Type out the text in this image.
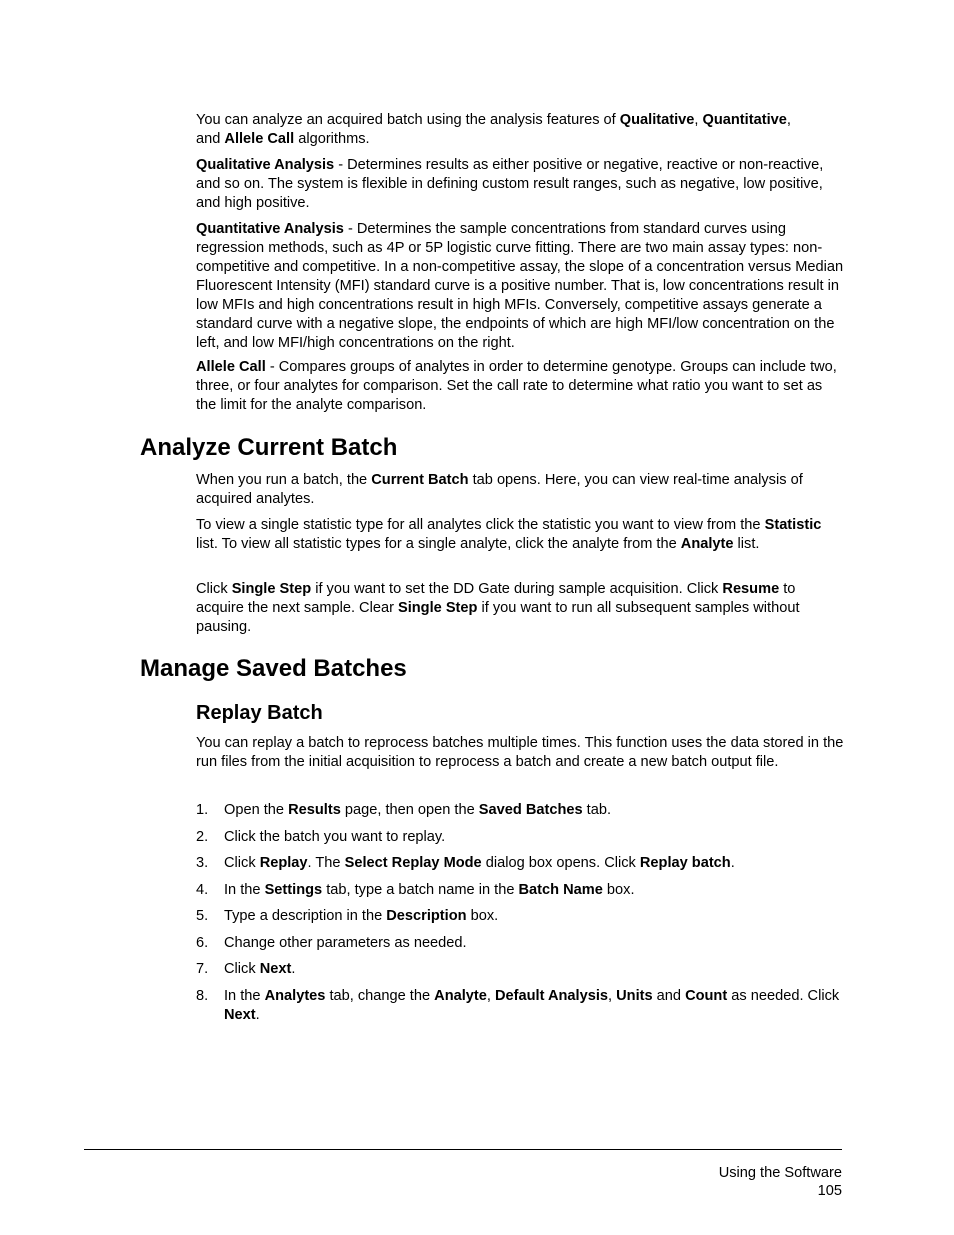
You can analyze an acquired batch using the analysis features of Qualitative, Quantitative,
and Allele Call algorithms.

Qualitative Analysis - Determines results as either positive or negative, reactive or non-reactive, and so on. The system is flexible in defining custom result ranges, such as negative, low positive, and high positive.

Quantitative Analysis - Determines the sample concentrations from standard curves using regression methods, such as 4P or 5P logistic curve fitting. There are two main assay types: non-competitive and competitive. In a non-competitive assay, the slope of a concentration versus Median Fluorescent Intensity (MFI) standard curve is a positive number. That is, low concentrations result in low MFIs and high concentrations result in high MFIs. Conversely, competitive assays generate a standard curve with a negative slope, the endpoints of which are high MFI/low concentration on the left, and low MFI/high concentrations on the right.

Allele Call - Compares groups of analytes in order to determine genotype. Groups can include two, three, or four analytes for comparison. Set the call rate to determine what ratio you want to set as the limit for the analyte comparison.

Analyze Current Batch

When you run a batch, the Current Batch tab opens. Here, you can view real-time analysis of acquired analytes.

To view a single statistic type for all analytes click the statistic you want to view from the Statistic list. To view all statistic types for a single analyte, click the analyte from the Analyte list.

Click Single Step if you want to set the DD Gate during sample acquisition. Click Resume to acquire the next sample. Clear Single Step if you want to run all subsequent samples without pausing.

Manage Saved Batches
Replay Batch

You can replay a batch to reprocess batches multiple times. This function uses the data stored in the run files from the initial acquisition to reprocess a batch and create a new batch output file.

1. Open the Results page, then open the Saved Batches tab.
2. Click the batch you want to replay.
3. Click Replay. The Select Replay Mode dialog box opens. Click Replay batch.
4. In the Settings tab, type a batch name in the Batch Name box.
5. Type a description in the Description box.
6. Change other parameters as needed.
7. Click Next.
8. In the Analytes tab, change the Analyte, Default Analysis, Units and Count as needed. Click Next.
Using the Software
105
